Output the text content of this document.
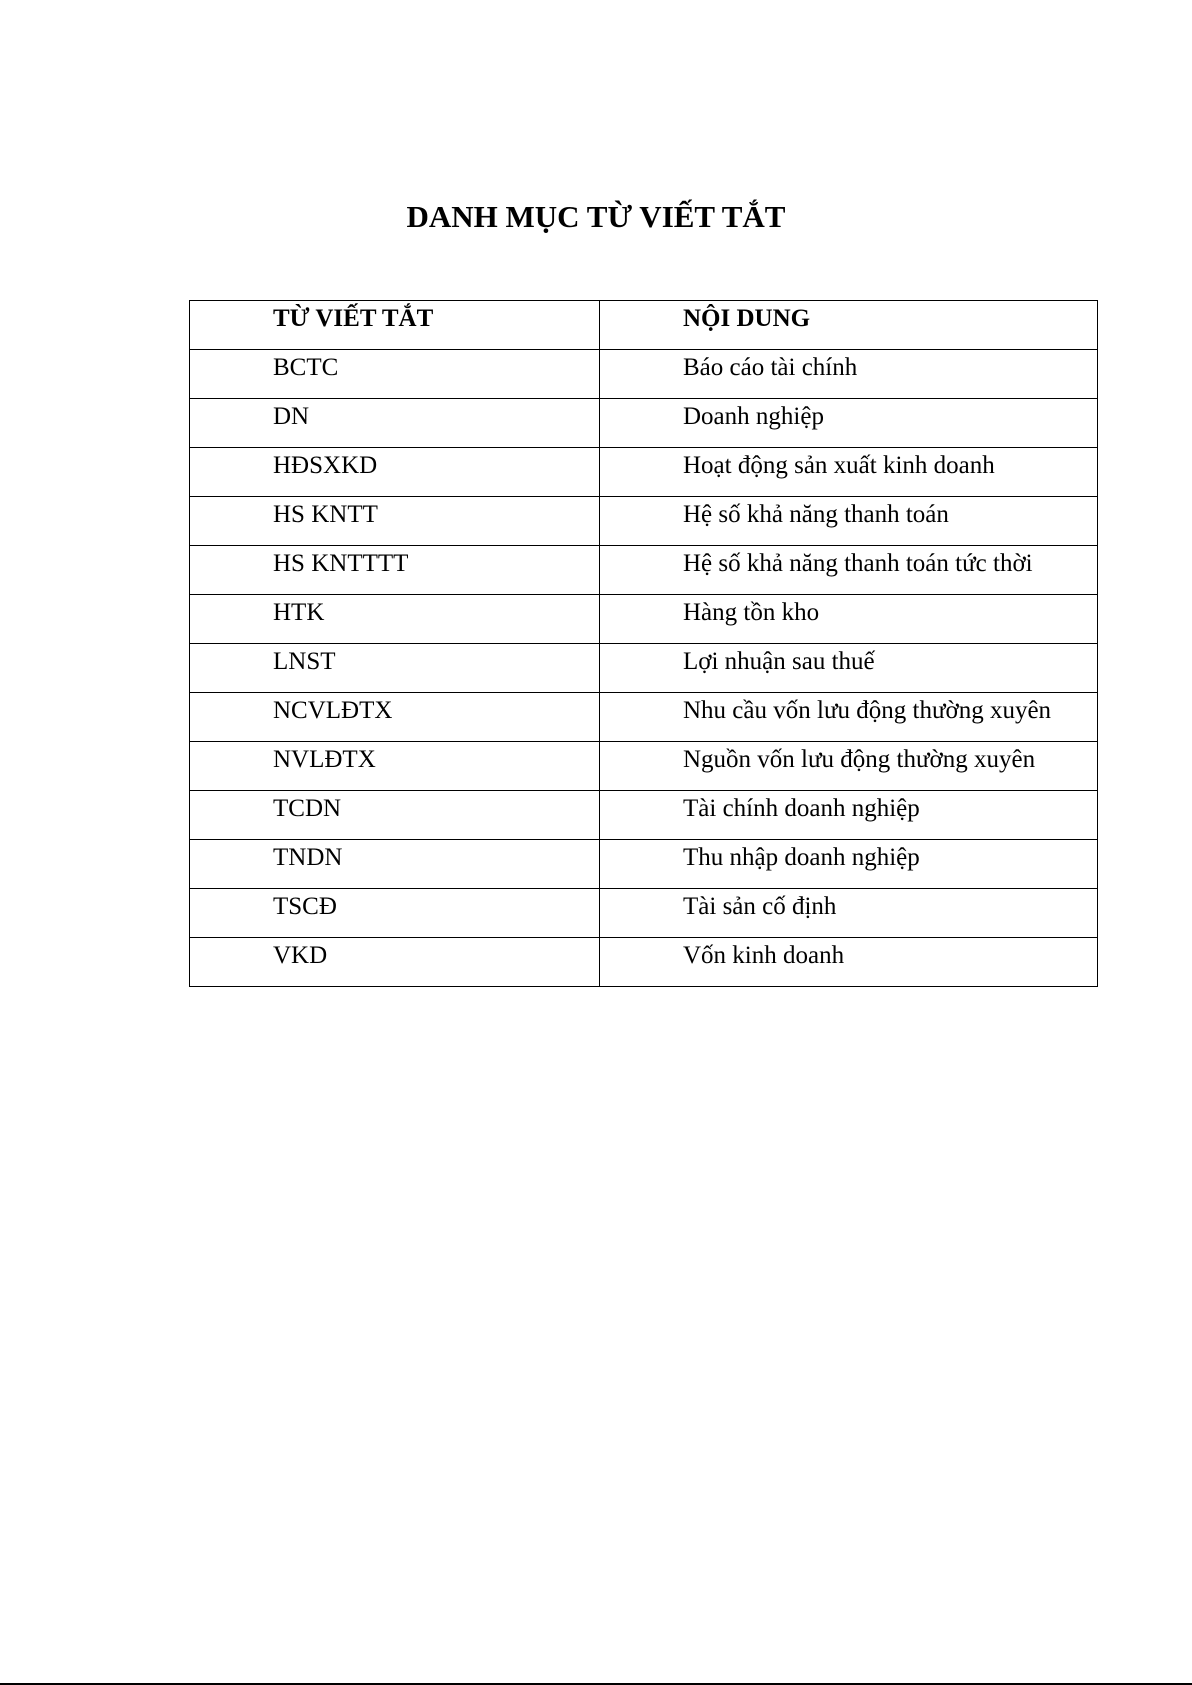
DANH MỤC TỪ VIẾT TẮT
TỪ VIẾT TẮT	NỘI DUNG
BCTC	Báo cáo tài chính
DN	Doanh nghiệp
HĐSXKD	Hoạt động sản xuất kinh doanh
HS KNTT	Hệ số khả năng thanh toán
HS KNTTTT	Hệ số khả năng thanh toán tức thời
HTK	Hàng tồn kho
LNST	Lợi nhuận sau thuế
NCVLĐTX	Nhu cầu vốn lưu động thường xuyên
NVLĐTX	Nguồn vốn lưu động thường xuyên
TCDN	Tài chính doanh nghiệp
TNDN	Thu nhập doanh nghiệp
TSCĐ	Tài sản cố định
VKD	Vốn kinh doanh
